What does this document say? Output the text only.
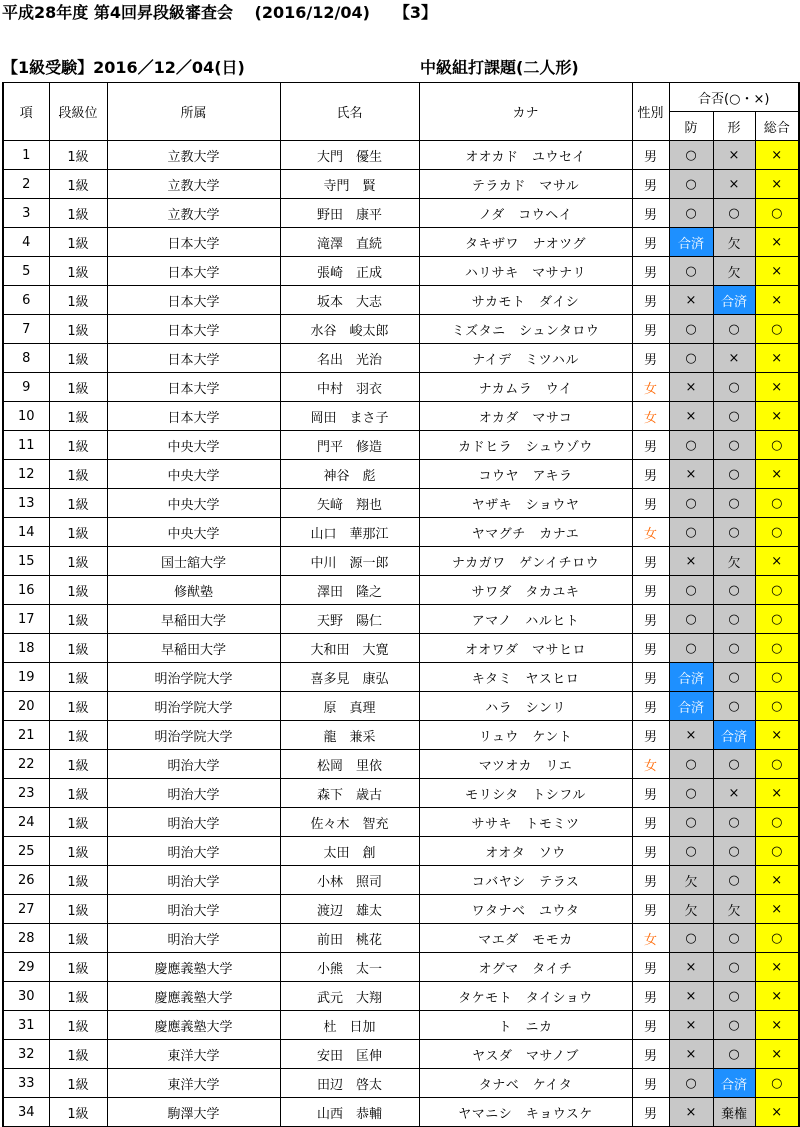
平成28年度 第4回昇段級審査会 　(2016/12/04)　　【3】
【1級受験】2016／12／04(日)	中級組打課題(二人形)
項	段級位	所属	氏名	カナ	性別	合否(○・×)		
						防	形	総合
1	1級	立教大学	大門　優生	オオカド　ユウセイ	男	○	×	×
2	1級	立教大学	寺門　賢	テラカド　マサル	男	○	×	×
3	1級	立教大学	野田　康平	ノダ　コウヘイ	男	○	○	○
4	1級	日本大学	滝澤　直続	タキザワ　ナオツグ	男	合済	欠	×
5	1級	日本大学	張崎　正成	ハリサキ　マサナリ	男	○	欠	×
6	1級	日本大学	坂本　大志	サカモト　ダイシ	男	×	合済	×
7	1級	日本大学	水谷　峻太郎	ミズタニ　シュンタロウ	男	○	○	○
8	1級	日本大学	名出　光治	ナイデ　ミツハル	男	○	×	×
9	1級	日本大学	中村　羽衣	ナカムラ　ウイ	女	×	○	×
10	1級	日本大学	岡田　まさ子	オカダ　マサコ	女	×	○	×
11	1級	中央大学	門平　修造	カドヒラ　シュウゾウ	男	○	○	○
12	1級	中央大学	神谷　彪	コウヤ　アキラ	男	×	○	×
13	1級	中央大学	矢﨑　翔也	ヤザキ　ショウヤ	男	○	○	○
14	1級	中央大学	山口　華那江	ヤマグチ　カナエ	女	○	○	○
15	1級	国士舘大学	中川　源一郎	ナカガワ　ゲンイチロウ	男	×	欠	×
16	1級	修猷塾	澤田　隆之	サワダ　タカユキ	男	○	○	○
17	1級	早稲田大学	天野　陽仁	アマノ　ハルヒト	男	○	○	○
18	1級	早稲田大学	大和田　大寛	オオワダ　マサヒロ	男	○	○	○
19	1級	明治学院大学	喜多見　康弘	キタミ　ヤスヒロ	男	合済	○	○
20	1級	明治学院大学	原　真理	ハラ　シンリ	男	合済	○	○
21	1級	明治学院大学	龍　兼采	リュウ　ケント	男	×	合済	×
22	1級	明治大学	松岡　里依	マツオカ　リエ	女	○	○	○
23	1級	明治大学	森下　歳古	モリシタ　トシフル	男	○	×	×
24	1級	明治大学	佐々木　智充	ササキ　トモミツ	男	○	○	○
25	1級	明治大学	太田　創	オオタ　ソウ	男	○	○	○
26	1級	明治大学	小林　照司	コバヤシ　テラス	男	欠	○	×
27	1級	明治大学	渡辺　雄太	ワタナベ　ユウタ	男	欠	欠	×
28	1級	明治大学	前田　桃花	マエダ　モモカ	女	○	○	○
29	1級	慶應義塾大学	小熊　太一	オグマ　タイチ	男	×	○	×
30	1級	慶應義塾大学	武元　大翔	タケモト　タイショウ	男	×	○	×
31	1級	慶應義塾大学	杜　日加	ト　ニカ	男	×	○	×
32	1級	東洋大学	安田　匡伸	ヤスダ　マサノブ	男	×	○	×
33	1級	東洋大学	田辺　啓太	タナベ　ケイタ	男	○	合済	○
34	1級	駒澤大学	山西　恭輔	ヤマニシ　キョウスケ	男	×	棄権	×
